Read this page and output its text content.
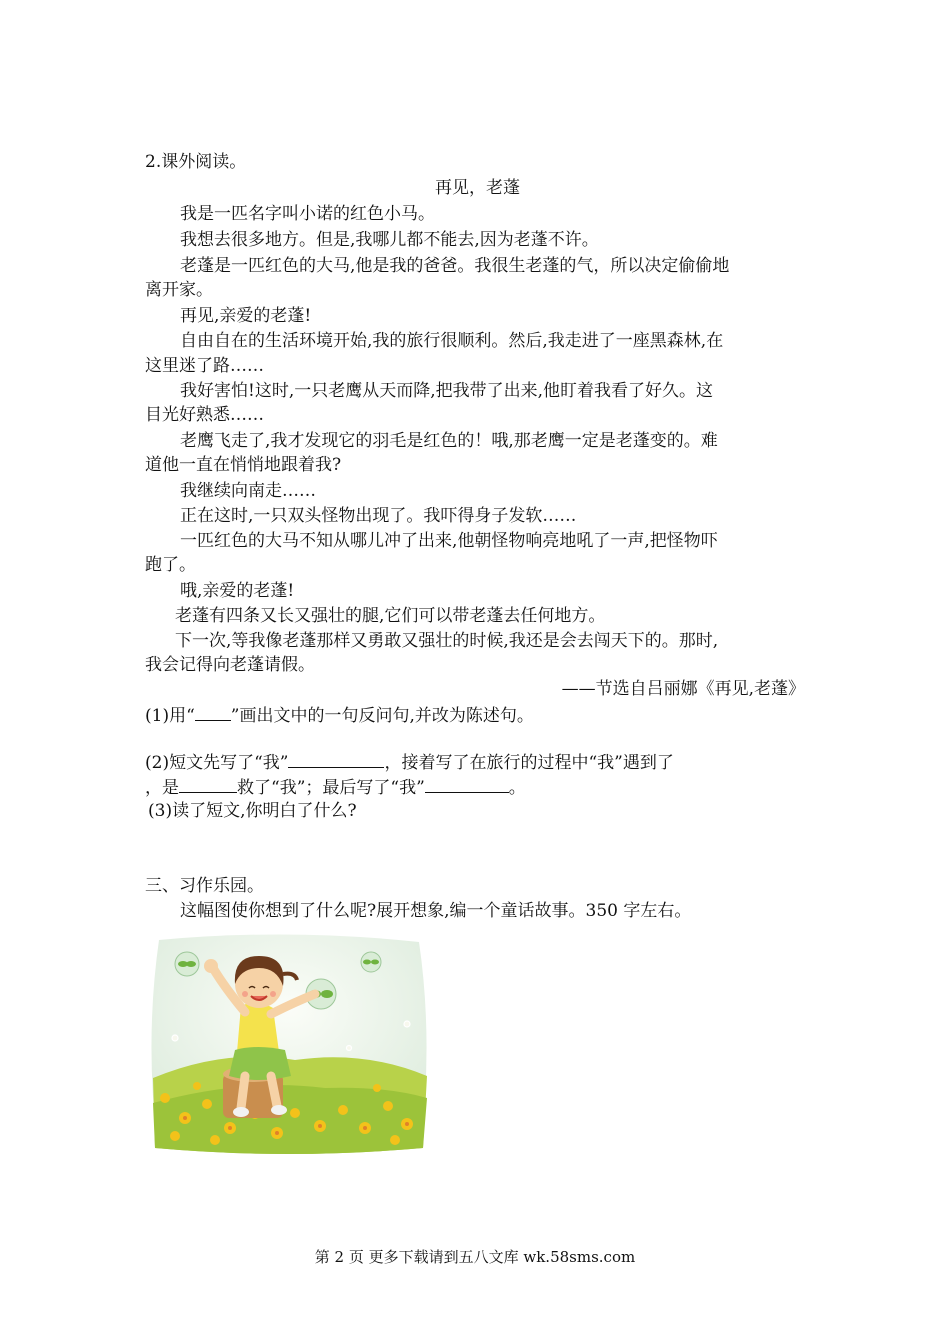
2.课外阅读。
再见，老蓬
我是一匹名字叫小诺的红色小马。
我想去很多地方。但是,我哪儿都不能去,因为老蓬不许。
老蓬是一匹红色的大马,他是我的爸爸。我很生老蓬的气，所以决定偷偷地
离开家。
再见,亲爱的老蓬!
自由自在的生活环境开始,我的旅行很顺利。然后,我走进了一座黑森林,在
这里迷了路……
我好害怕!这时,一只老鹰从天而降,把我带了出来,他盯着我看了好久。这
目光好熟悉……
老鹰飞走了,我才发现它的羽毛是红色的！哦,那老鹰一定是老蓬变的。难
道他一直在悄悄地跟着我?
我继续向南走……
正在这时,一只双头怪物出现了。我吓得身子发软……
一匹红色的大马不知从哪儿冲了出来,他朝怪物响亮地吼了一声,把怪物吓
跑了。
哦,亲爱的老蓬!
老蓬有四条又长又强壮的腿,它们可以带老蓬去任何地方。
下一次,等我像老蓬那样又勇敢又强壮的时候,我还是会去闯天下的。那时,
我会记得向老蓬请假。
——节选自吕丽娜《再见,老蓬》
(1)用“ ”画出文中的一句反问句,并改为陈述句。
(2)短文先写了“我”	，接着写了在旅行的过程中“我”遇到了
，是	救了“我”；最后写了“我”	。
(3)读了短文,你明白了什么?
三、习作乐园。
这幅图使你想到了什么呢?展开想象,编一个童话故事。350 字左右。
第 2 页 更多下载请到五八文库 wk.58sms.com
